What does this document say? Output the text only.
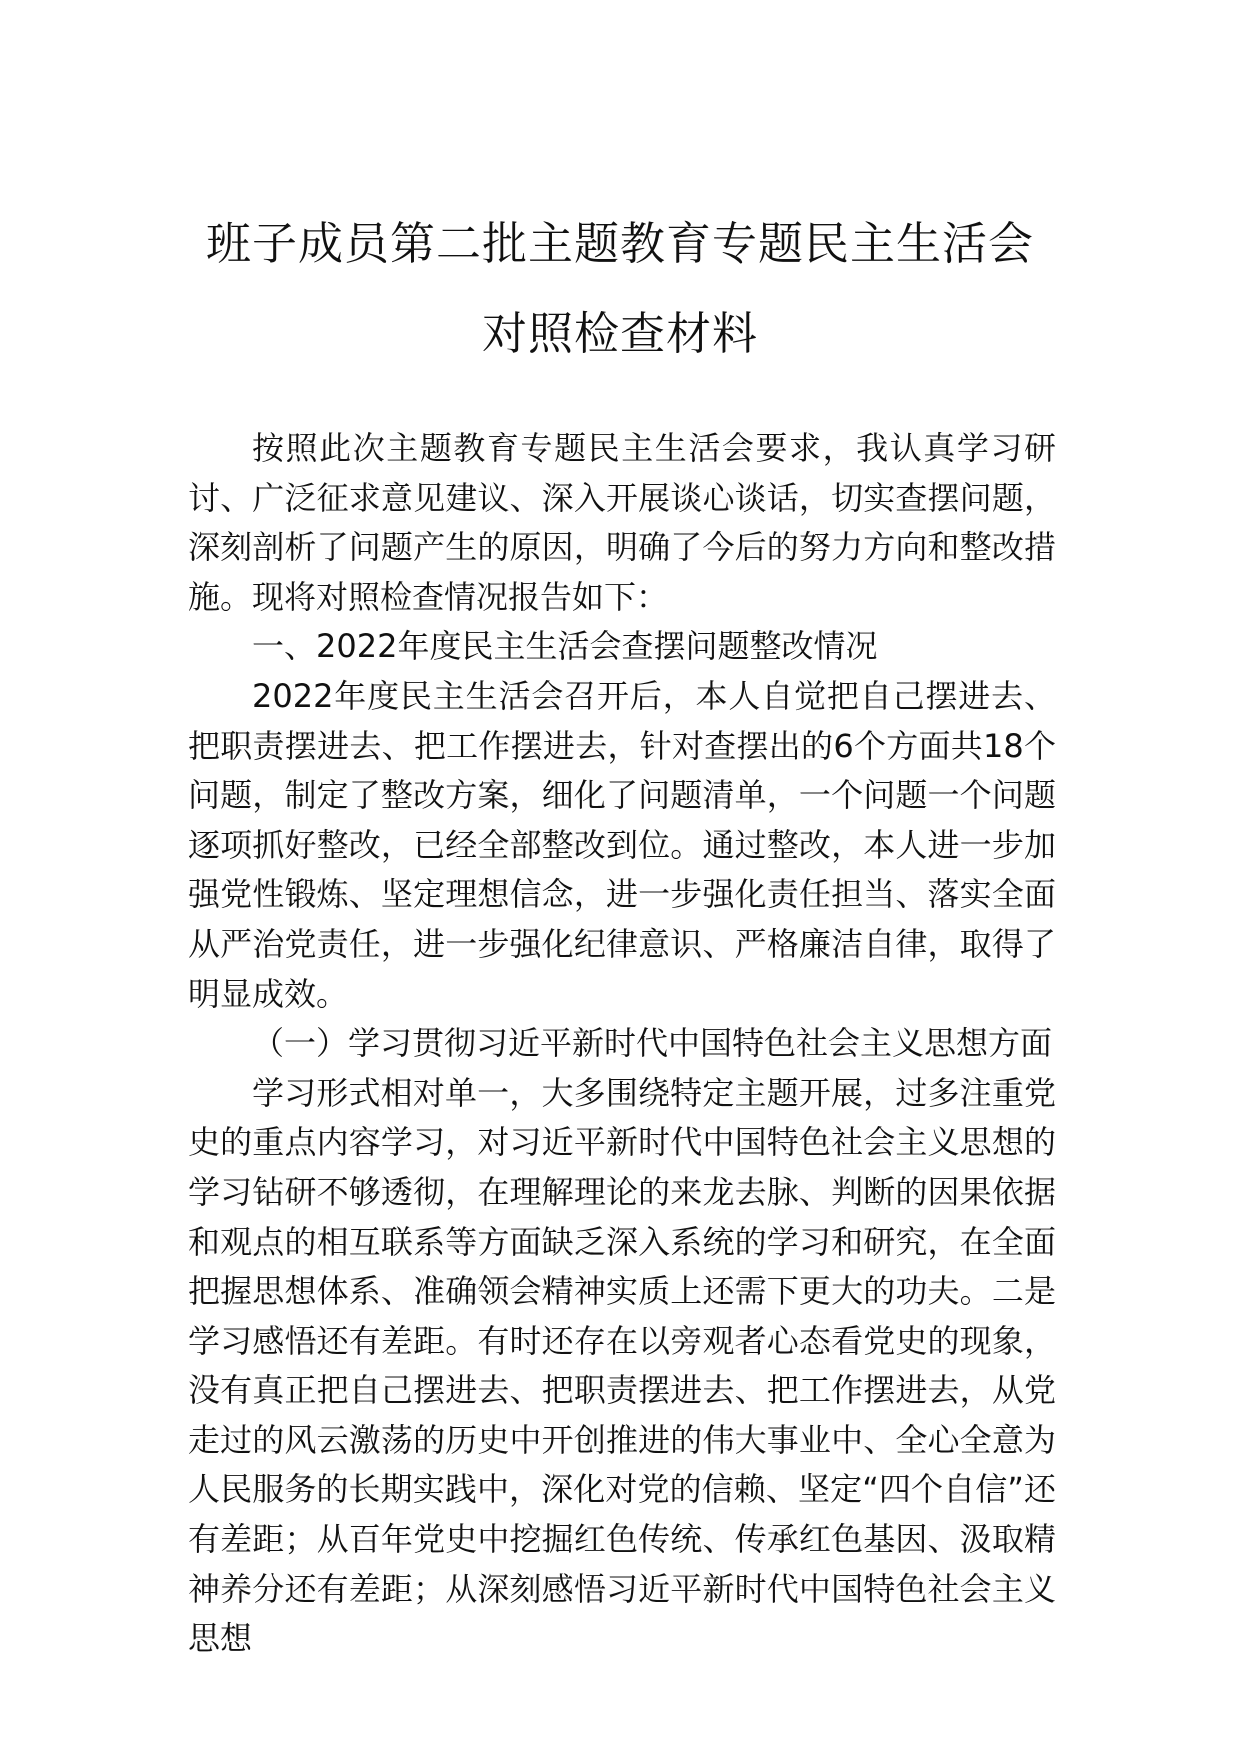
班子成员第二批主题教育专题民主生活会
对照检查材料

按照此次主题教育专题民主生活会要求，我认真学习研讨、广泛征求意见建议、深入开展谈心谈话，切实查摆问题，深刻剖析了问题产生的原因，明确了今后的努力方向和整改措施。现将对照检查情况报告如下：

一、2022年度民主生活会查摆问题整改情况

2022年度民主生活会召开后，本人自觉把自己摆进去、把职责摆进去、把工作摆进去，针对查摆出的6个方面共18个问题，制定了整改方案，细化了问题清单，一个问题一个问题逐项抓好整改，已经全部整改到位。通过整改，本人进一步加强党性锻炼、坚定理想信念，进一步强化责任担当、落实全面从严治党责任，进一步强化纪律意识、严格廉洁自律，取得了明显成效。

（一）学习贯彻习近平新时代中国特色社会主义思想方面

学习形式相对单一，大多围绕特定主题开展，过多注重党史的重点内容学习，对习近平新时代中国特色社会主义思想的学习钻研不够透彻，在理解理论的来龙去脉、判断的因果依据和观点的相互联系等方面缺乏深入系统的学习和研究，在全面把握思想体系、准确领会精神实质上还需下更大的功夫。二是学习感悟还有差距。有时还存在以旁观者心态看党史的现象，没有真正把自己摆进去、把职责摆进去、把工作摆进去，从党走过的风云激荡的历史中开创推进的伟大事业中、全心全意为人民服务的长期实践中，深化对党的信赖、坚定“四个自信”还有差距；从百年党史中挖掘红色传统、传承红色基因、汲取精神养分还有差距；从深刻感悟习近平新时代中国特色社会主义思想
